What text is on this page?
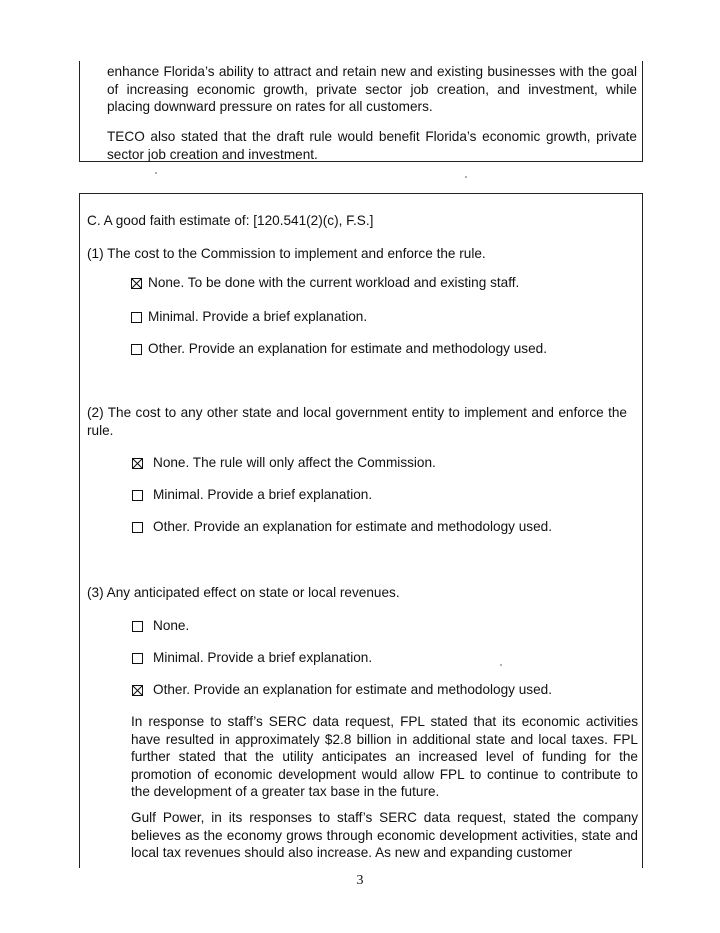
enhance Florida’s ability to attract and retain new and existing businesses with the goal of increasing economic growth, private sector job creation, and investment, while placing downward pressure on rates for all customers.
TECO also stated that the draft rule would benefit Florida’s economic growth, private sector job creation and investment.
C. A good faith estimate of: [120.541(2)(c), F.S.]
(1) The cost to the Commission to implement and enforce the rule.
None. To be done with the current workload and existing staff.
Minimal. Provide a brief explanation.
Other. Provide an explanation for estimate and methodology used.
(2) The cost to any other state and local government entity to implement and enforce the rule.
None. The rule will only affect the Commission.
Minimal. Provide a brief explanation.
Other. Provide an explanation for estimate and methodology used.
(3) Any anticipated effect on state or local revenues.
None.
Minimal. Provide a brief explanation.
Other. Provide an explanation for estimate and methodology used.
In response to staff’s SERC data request, FPL stated that its economic activities have resulted in approximately $2.8 billion in additional state and local taxes. FPL further stated that the utility anticipates an increased level of funding for the promotion of economic development would allow FPL to continue to contribute to the development of a greater tax base in the future.
Gulf Power, in its responses to staff’s SERC data request, stated the company believes as the economy grows through economic development activities, state and local tax revenues should also increase. As new and expanding customer
3
